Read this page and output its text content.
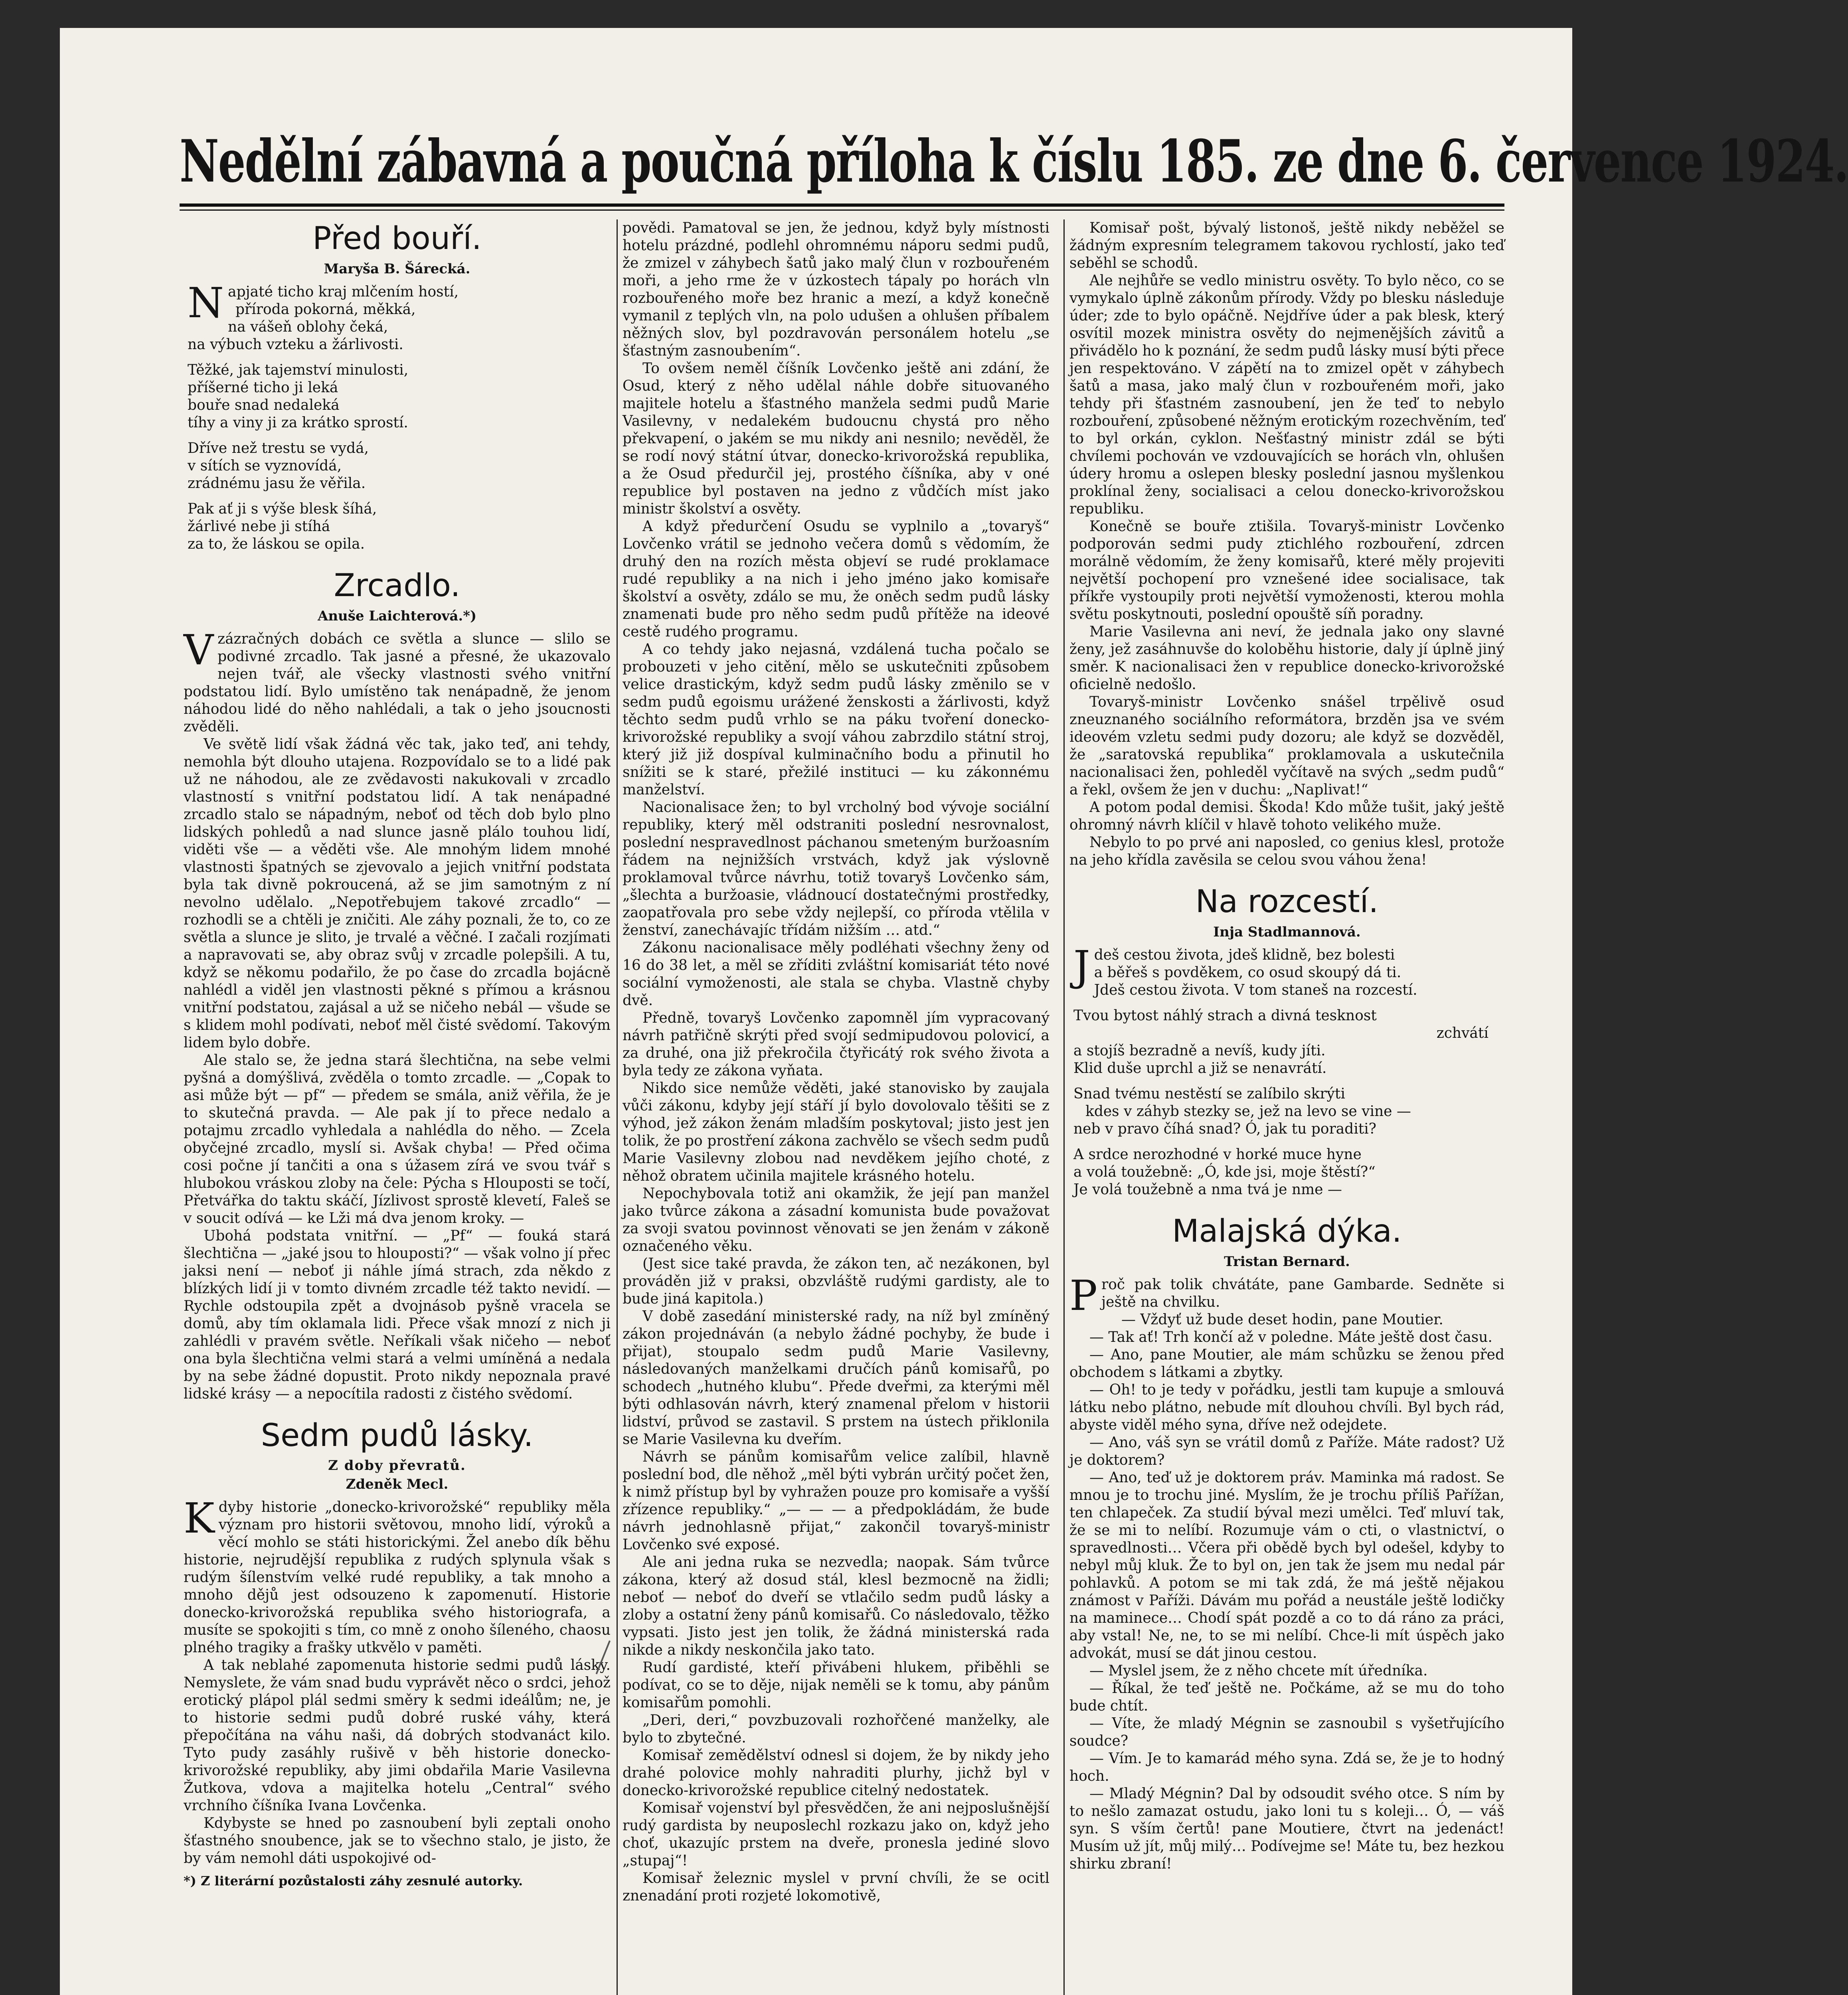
Nedělní zábavná a poučná příloha k číslu 185. ze dne 6. července 1924.
Před bouří.
Maryša B. Šárecká.

Napjaté ticho kraj mlčením hostí,

příroda pokorná, měkká,

na vášeň oblohy čeká,

na výbuch vzteku a žárlivosti.

Těžké, jak tajemství minulosti,

příšerné ticho ji leká

bouře snad nedaleká

tíhy a viny ji za krátko sprostí.

Dříve než trestu se vydá,

v sítích se vyznovídá,

zrádnému jasu že věřila.

Pak ať ji s výše blesk šíhá,

žárlivé nebe ji stíhá

za to, že láskou se opila.

Zrcadlo.
Anuše Laichterová.*)

V zázračných dobách ce světla a slunce — slilo se podivné zrcadlo. Tak jasné a přesné, že ukazovalo nejen tvář, ale všecky vlastnosti svého vnitřní podstatou lidí. Bylo umístěno tak nenápadně, že jenom náhodou lidé do něho nahlédali, a tak o jeho jsoucnosti zvěděli.

Ve světě lidí však žádná věc tak, jako teď, ani tehdy, nemohla být dlouho utajena. Rozpovídalo se to a lidé pak už ne náhodou, ale ze zvědavosti nakukovali v zrcadlo vlastností s vnitřní podstatou lidí. A tak nenápadné zrcadlo stalo se nápadným, neboť od těch dob bylo plno lidských pohledů a nad slunce jasně plálo touhou lidí, viděti vše — a věděti vše. Ale mnohým lidem mnohé vlastnosti špatných se zjevovalo a jejich vnitřní podstata byla tak divně pokroucená, až se jim samotným z ní nevolno udělalo. „Nepotřebujem takové zrcadlo“ — rozhodli se a chtěli je zničiti. Ale záhy poznali, že to, co ze světla a slunce je slito, je trvalé a věčné. I začali rozjímati a napravovati se, aby obraz svůj v zrcadle polepšili. A tu, když se někomu podařilo, že po čase do zrcadla bojácně nahlédl a viděl jen vlastnosti pěkné s přímou a krásnou vnitřní podstatou, zajásal a už se ničeho nebál — všude se s klidem mohl podívati, neboť měl čisté svědomí. Takovým lidem bylo dobře.

Ale stalo se, že jedna stará šlechtična, na sebe velmi pyšná a domýšlivá, zvěděla o tomto zrcadle. — „Copak to asi může být — pf“ — předem se smála, aniž věřila, že je to skutečná pravda. — Ale pak jí to přece nedalo a potajmu zrcadlo vyhledala a nahlédla do něho. — Zcela obyčejné zrcadlo, myslí si. Avšak chyba! — Před očima cosi počne jí tančiti a ona s úžasem zírá ve svou tvář s hlubokou vráskou zloby na čele: Pýcha s Hlouposti se točí, Přetvářka do taktu skáčí, Jízlivost sprostě klevetí, Faleš se v soucit odívá — ke Lži má dva jenom kroky. —

Ubohá podstata vnitřní. — „Pf“ — fouká stará šlechtična — „jaké jsou to hlouposti?“ — však volno jí přec jaksi není — neboť ji náhle jímá strach, zda někdo z blízkých lidí ji v tomto divném zrcadle též takto nevidí. — Rychle odstoupila zpět a dvojnásob pyšně vracela se domů, aby tím oklamala lidi. Přece však mnozí z nich ji zahlédli v pravém světle. Neříkali však ničeho — neboť ona byla šlechtična velmi stará a velmi umíněná a nedala by na sebe žádné dopustit. Proto nikdy nepoznala pravé lidské krásy — a nepocítila radosti z čistého svědomí.

Sedm pudů lásky.
Z doby převratů.
Zdeněk Mecl.

Kdyby historie „donecko-krivorožské“ republiky měla význam pro historii světovou, mnoho lidí, výroků a věcí mohlo se státi historickými. Žel anebo dík běhu historie, nejrudější republika z rudých splynula však s rudým šílenstvím velké rudé republiky, a tak mnoho a mnoho dějů jest odsouzeno k zapomenutí. Historie donecko-krivorožská republika svého historiografa, a musíte se spokojiti s tím, co mně z onoho šíleného, chaosu plného tragiky a frašky utkvělo v paměti.

A tak neblahé zapomenuta historie sedmi pudů lásky. Nemyslete, že vám snad budu vyprávět něco o srdci, jehož erotický plápol plál sedmi směry k sedmi ideálům; ne, je to historie sedmi pudů dobré ruské váhy, která přepočítána na váhu naši, dá dobrých stodvanáct kilo. Tyto pudy zasáhly rušivě v běh historie donecko-krivorožské republiky, aby jimi obdařila Marie Vasilevna Žutkova, vdova a majitelka hotelu „Central“ svého vrchního číšníka Ivana Lovčenka.

Kdybyste se hned po zasnoubení byli zeptali onoho šťastného snoubence, jak se to všechno stalo, je jisto, že by vám nemohl dáti uspokojivé od-

*) Z literární pozůstalosti záhy zesnulé autorky.

povědi. Pamatoval se jen, že jednou, když byly místnosti hotelu prázdné, podlehl ohromnému náporu sedmi pudů, že zmizel v záhybech šatů jako malý člun v rozbouřeném moři, a jeho rme že v úzkostech tápaly po horách vln rozbouřeného moře bez hranic a mezí, a když konečně vymanil z teplých vln, na polo udušen a ohlušen příbalem něžných slov, byl pozdravován personálem hotelu „se šťastným zasnoubením“.

To ovšem neměl číšník Lovčenko ještě ani zdání, že Osud, který z něho udělal náhle dobře situovaného majitele hotelu a šťastného manžela sedmi pudů Marie Vasilevny, v nedalekém budoucnu chystá pro něho překvapení, o jakém se mu nikdy ani nesnilo; nevěděl, že se rodí nový státní útvar, donecko-krivorožská republika, a že Osud předurčil jej, prostého číšníka, aby v oné republice byl postaven na jedno z vůdčích míst jako ministr školství a osvěty.

A když předurčení Osudu se vyplnilo a „tovaryš“ Lovčenko vrátil se jednoho večera domů s vědomím, že druhý den na rozích města objeví se rudé proklamace rudé republiky a na nich i jeho jméno jako komisaře školství a osvěty, zdálo se mu, že oněch sedm pudů lásky znamenati bude pro něho sedm pudů přítěže na ideové cestě rudého programu.

A co tehdy jako nejasná, vzdálená tucha počalo se probouzeti v jeho citění, mělo se uskutečniti způsobem velice drastickým, když sedm pudů lásky změnilo se v sedm pudů egoismu urážené ženskosti a žárlivosti, když těchto sedm pudů vrhlo se na páku tvoření donecko-krivorožské republiky a svojí váhou zabrzdilo státní stroj, který již již dospíval kulminačního bodu a přinutil ho snížiti se k staré, přežilé instituci — ku zákonnému manželství.

Nacionalisace žen; to byl vrcholný bod vývoje sociální republiky, který měl odstraniti poslední nesrovnalost, poslední nespravedlnost páchanou smeteným buržoasním řádem na nejnižších vrstvách, když jak výslovně proklamoval tvůrce návrhu, totiž tovaryš Lovčenko sám, „šlechta a buržoasie, vládnoucí dostatečnými prostředky, zaopatřovala pro sebe vždy nejlepší, co příroda vtělila v ženství, zanechávajíc třídám nižším … atd.“

Zákonu nacionalisace měly podléhati všechny ženy od 16 do 38 let, a měl se zříditi zvláštní komisariát této nové sociální vymoženosti, ale stala se chyba. Vlastně chyby dvě.

Předně, tovaryš Lovčenko zapomněl jím vypracovaný návrh patřičně skrýti před svojí sedmipudovou polovicí, a za druhé, ona již překročila čtyřicátý rok svého života a byla tedy ze zákona vyňata.

Nikdo sice nemůže věděti, jaké stanovisko by zaujala vůči zákonu, kdyby její stáří jí bylo dovolovalo těšiti se z výhod, jež zákon ženám mladším poskytoval; jisto jest jen tolik, že po prostření zákona zachvělo se všech sedm pudů Marie Vasilevny zlobou nad nevděkem jejího choté, z něhož obratem učinila majitele krásného hotelu.

Nepochybovala totiž ani okamžik, že její pan manžel jako tvůrce zákona a zásadní komunista bude považovat za svoji svatou povinnost věnovati se jen ženám v zákoně označeného věku.

(Jest sice také pravda, že zákon ten, ač nezákonen, byl prováděn již v praksi, obzvláště rudými gardisty, ale to bude jiná kapitola.)

V době zasedání ministerské rady, na níž byl zmíněný zákon projednáván (a nebylo žádné pochyby, že bude i přijat), stoupalo sedm pudů Marie Vasilevny, následovaných manželkami dručích pánů komisařů, po schodech „hutného klubu“. Přede dveřmi, za kterými měl býti odhlasován návrh, který znamenal přelom v historii lidství, průvod se zastavil. S prstem na ústech přiklonila se Marie Vasilevna ku dveřím.

Návrh se pánům komisařům velice zalíbil, hlavně poslední bod, dle něhož „měl býti vybrán určitý počet žen, k nimž přístup byl by vyhražen pouze pro komisaře a vyšší zřízence republiky.“ „— — — a předpokládám, že bude návrh jednohlasně přijat,“ zakončil tovaryš-ministr Lovčenko své exposé.

Ale ani jedna ruka se nezvedla; naopak. Sám tvůrce zákona, který až dosud stál, klesl bezmocně na židli; neboť — neboť do dveří se vtlačilo sedm pudů lásky a zloby a ostatní ženy pánů komisařů. Co následovalo, těžko vypsati. Jisto jest jen tolik, že žádná ministerská rada nikde a nikdy neskončila jako tato.

Rudí gardisté, kteří přivábeni hlukem, přiběhli se podívat, co se to děje, nijak neměli se k tomu, aby pánům komisařům pomohli.

„Deri, deri,“ povzbuzovali rozhořčené manželky, ale bylo to zbytečné.

Komisař zemědělství odnesl si dojem, že by nikdy jeho drahé polovice mohly nahraditi plurhy, jichž byl v donecko-krivorožské republice citelný nedostatek.

Komisař vojenství byl přesvědčen, že ani nejposlušnější rudý gardista by neuposlechl rozkazu jako on, když jeho choť, ukazujíc prstem na dveře, pronesla jediné slovo „stupaj“!

Komisař železnic myslel v první chvíli, že se ocitl znenadání proti rozjeté lokomotivě,

Komisař pošt, bývalý listonoš, ještě nikdy neběžel se žádným expresním telegramem takovou rychlostí, jako teď seběhl se schodů.

Ale nejhůře se vedlo ministru osvěty. To bylo něco, co se vymykalo úplně zákonům přírody. Vždy po blesku následuje úder; zde to bylo opáčně. Nejdříve úder a pak blesk, který osvítil mozek ministra osvěty do nejmenějších závitů a přivádělo ho k poznání, že sedm pudů lásky musí býti přece jen respektováno. V zápětí na to zmizel opět v záhybech šatů a masa, jako malý člun v rozbouřeném moři, jako tehdy při šťastném zasnoubení, jen že teď to nebylo rozbouření, způsobené něžným erotickým rozechvěním, teď to byl orkán, cyklon. Nešťastný ministr zdál se býti chvílemi pochován ve vzdouvajících se horách vln, ohlušen údery hromu a oslepen blesky poslední jasnou myšlenkou proklínal ženy, socialisaci a celou donecko-krivorožskou republiku.

Konečně se bouře ztišila. Tovaryš-ministr Lovčenko podporován sedmi pudy ztichlého rozbouření, zdrcen morálně vědomím, že ženy komisařů, které měly projeviti největší pochopení pro vznešené idee socialisace, tak příkře vystoupily proti největší vymoženosti, kterou mohla světu poskytnouti, poslední opouště síň poradny.

Marie Vasilevna ani neví, že jednala jako ony slavné ženy, jež zasáhnuvše do koloběhu historie, daly jí úplně jiný směr. K nacionalisaci žen v republice donecko-krivorožské oficielně nedošlo.

Tovaryš-ministr Lovčenko snášel trpělivě osud zneuznaného sociálního reformátora, brzděn jsa ve svém ideovém vzletu sedmi pudy dozoru; ale když se dozvěděl, že „saratovská republika“ proklamovala a uskutečnila nacionalisaci žen, pohleděl vyčítavě na svých „sedm pudů“ a řekl, ovšem že jen v duchu: „Naplivat!“

A potom podal demisi. Škoda! Kdo může tušit, jaký ještě ohromný návrh klíčil v hlavě tohoto velikého muže.

Nebylo to po prvé ani naposled, co genius klesl, protože na jeho křídla zavěsila se celou svou váhou žena!

Na rozcestí.
Inja Stadlmannová.

Jdeš cestou života, jdeš klidně, bez bolesti

a běřeš s povděkem, co osud skoupý dá ti.

Jdeš cestou života. V tom staneš na rozcestí.

Tvou bytost náhlý strach a divná tesknost

zchvátí

a stojíš bezradně a nevíš, kudy jíti.

Klid duše uprchl a již se nenavrátí.

Snad tvému nestěstí se zalíbilo skrýti

kdes v záhyb stezky se, jež na levo se vine —

neb v pravo číhá snad? Ó, jak tu poraditi?

A srdce nerozhodné v horké muce hyne

a volá toužebně: „Ó, kde jsi, moje štěstí?“

Je volá toužebně a nma tvá je nme —

Malajská dýka.
Tristan Bernard.

Proč pak tolik chvátáte, pane Gambarde. Sedněte si ještě na chvilku.

— Vždyť už bude deset hodin, pane Moutier.

— Tak ať! Trh končí až v poledne. Máte ještě dost času.

— Ano, pane Moutier, ale mám schůzku se ženou před obchodem s látkami a zbytky.

— Oh! to je tedy v pořádku, jestli tam kupuje a smlouvá látku nebo plátno, nebude mít dlouhou chvíli. Byl bych rád, abyste viděl mého syna, dříve než odejdete.

— Ano, váš syn se vrátil domů z Paříže. Máte radost? Už je doktorem?

— Ano, teď už je doktorem práv. Maminka má radost. Se mnou je to trochu jiné. Myslím, že je trochu příliš Pařížan, ten chlapeček. Za studií býval mezi umělci. Teď mluví tak, že se mi to nelíbí. Rozumuje vám o cti, o vlastnictví, o spravedlnosti… Včera při obědě bych byl odešel, kdyby to nebyl můj kluk. Že to byl on, jen tak že jsem mu nedal pár pohlavků. A potom se mi tak zdá, že má ještě nějakou známost v Paříži. Dávám mu pořád a neustále ještě lodičky na maminece… Chodí spát pozdě a co to dá ráno za práci, aby vstal! Ne, ne, to se mi nelíbí. Chce-li mít úspěch jako advokát, musí se dát jinou cestou.

— Myslel jsem, že z něho chcete mít úředníka.

— Říkal, že teď ještě ne. Počkáme, až se mu do toho bude chtít.

— Víte, že mladý Mégnin se zasnoubil s vyšetřujícího soudce?

— Vím. Je to kamarád mého syna. Zdá se, že je to hodný hoch.

— Mladý Mégnin? Dal by odsoudit svého otce. S ním by to nešlo zamazat ostudu, jako loni tu s koleji… Ó, — váš syn. S vším čertů! pane Moutiere, čtvrt na jedenáct! Musím už jít, můj milý… Podívejme se! Máte tu, bez hezkou shirku zbraní!
